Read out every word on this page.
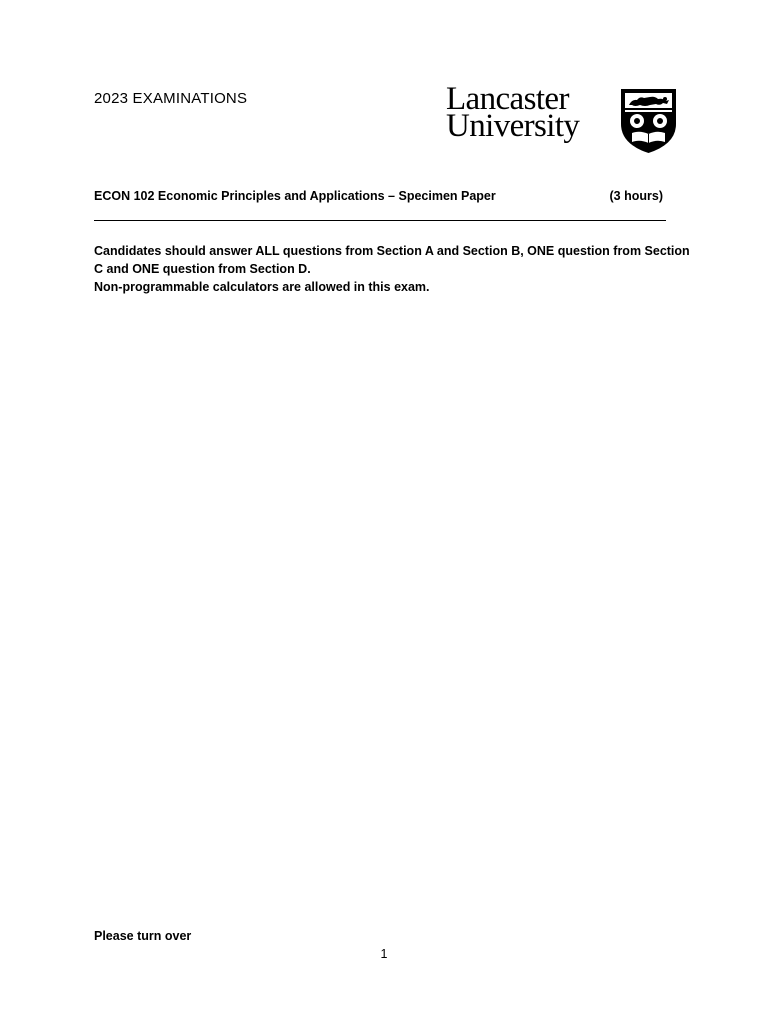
2023 EXAMINATIONS	Lancaster
University
ECON 102 Economic Principles and Applications – Specimen Paper	(3 hours)

Candidates should answer ALL questions from Section A and Section B, ONE question from Section C and ONE question from Section D.

Non-programmable calculators are allowed in this exam.

Please turn over
1
